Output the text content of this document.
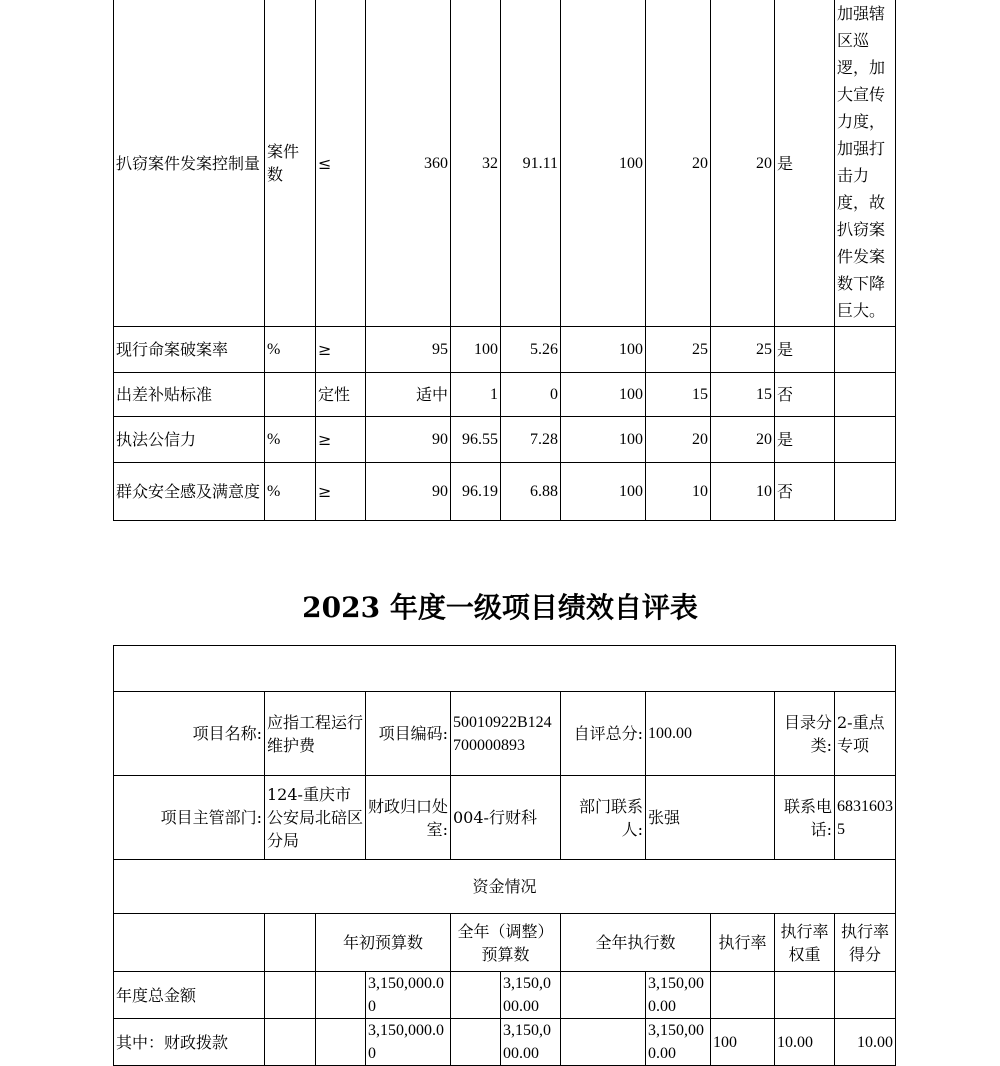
扒窃案件发案控制量	案件数	≤	360	32	91.11	100	20	20	是	加强辖区巡逻，加大宣传力度，加强打击力度，故扒窃案件发案数下降巨大。
现行命案破案率	%	≥	95	100	5.26	100	25	25	是	
出差补贴标准		定性	适中	1	0	100	15	15	否	
执法公信力	%	≥	90	96.55	7.28	100	20	20	是	
群众安全感及满意度	%	≥	90	96.19	6.88	100	10	10	否	
2023 年度一级项目绩效自评表

项目名称:	应指工程运行维护费		项目编码:	50010922B124700000893		自评总分:	100.00		目录分类:	2-重点专项
项目主管部门:	124-重庆市公安局北碚区分局		财政归口处室:	004-行财科		部门联系人:	张强		联系电话:	68316035
资金情况										
		年初预算数		全年（调整）预算数		全年执行数		执行率	执行率权重	执行率得分
年度总金额			3,150,000.00		3,150,000.00		3,150,000.00			
其中：财政拨款			3,150,000.00		3,150,000.00		3,150,000.00	100	10.00	10.00
